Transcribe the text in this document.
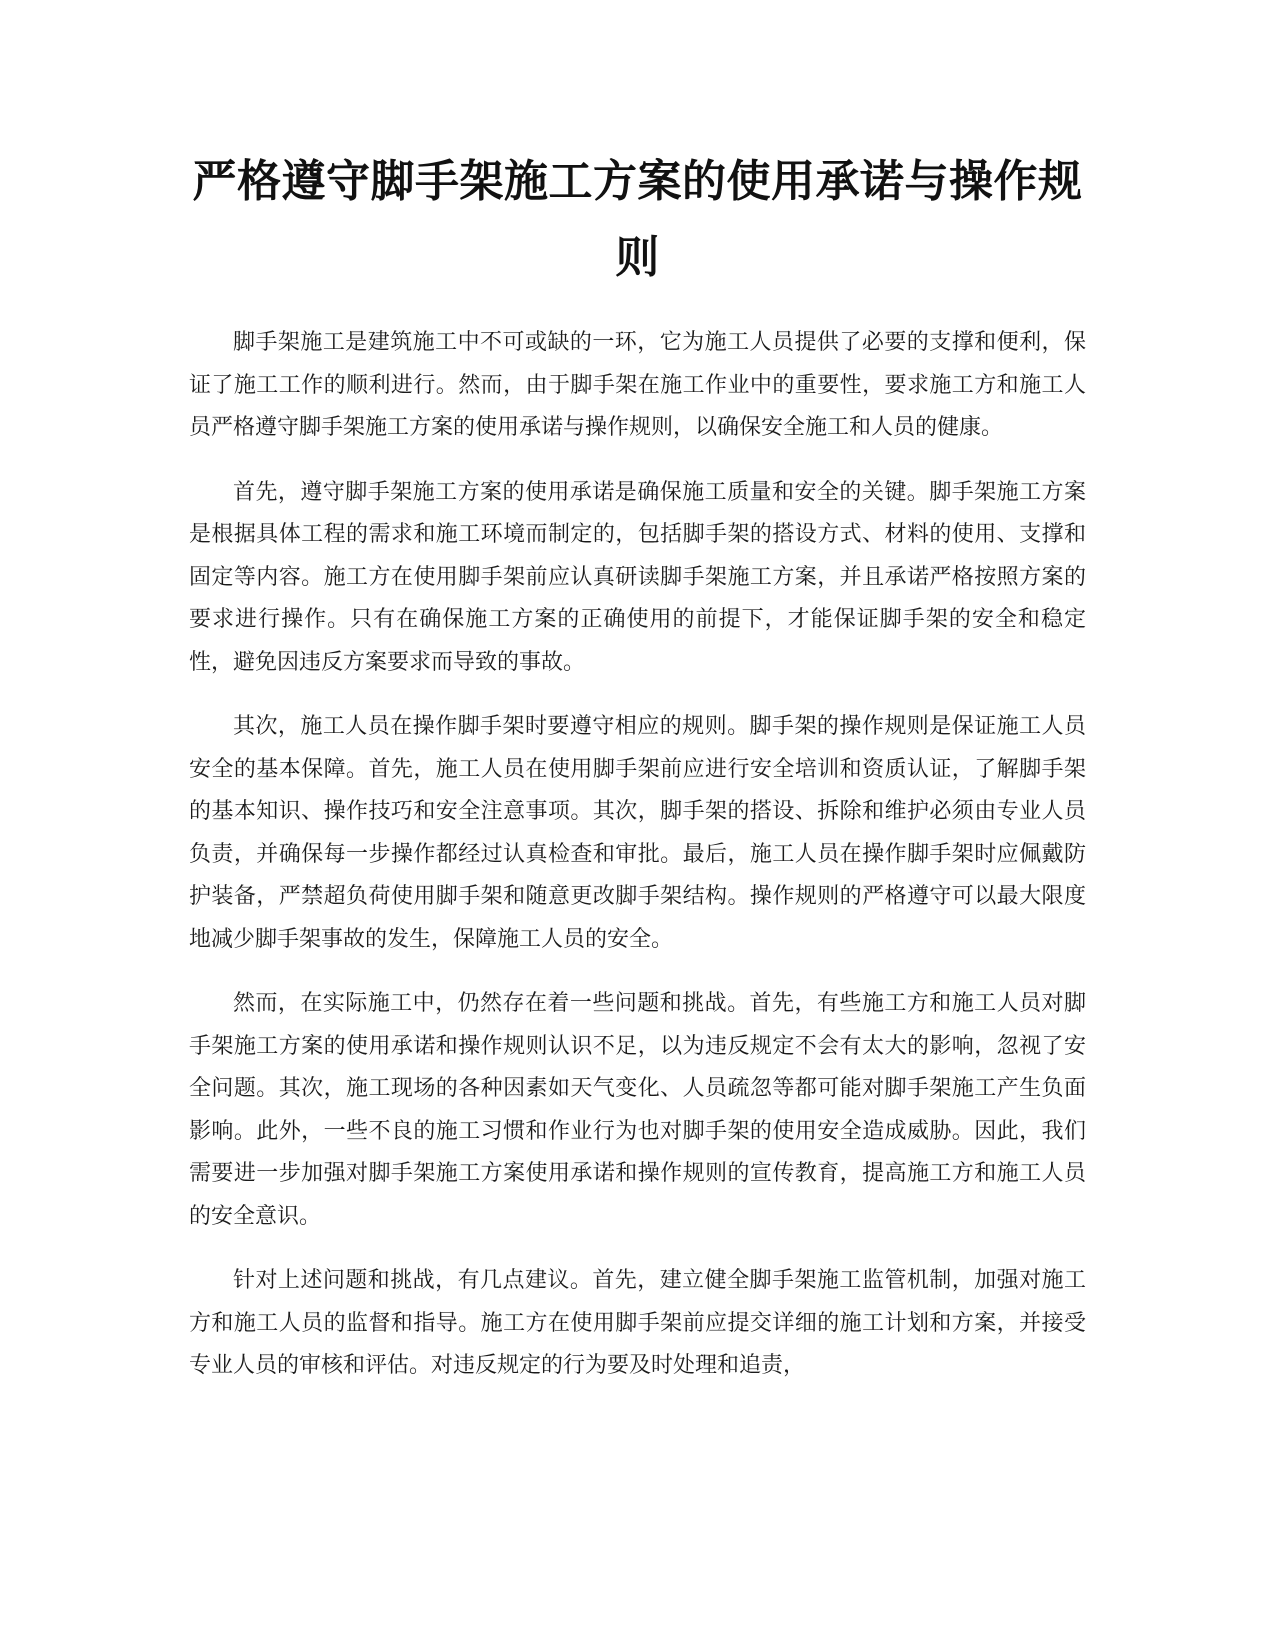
严格遵守脚手架施工方案的使用承诺与操作规则

脚手架施工是建筑施工中不可或缺的一环，它为施工人员提供了必要的支撑和便利，保证了施工工作的顺利进行。然而，由于脚手架在施工作业中的重要性，要求施工方和施工人员严格遵守脚手架施工方案的使用承诺与操作规则，以确保安全施工和人员的健康。

首先，遵守脚手架施工方案的使用承诺是确保施工质量和安全的关键。脚手架施工方案是根据具体工程的需求和施工环境而制定的，包括脚手架的搭设方式、材料的使用、支撑和固定等内容。施工方在使用脚手架前应认真研读脚手架施工方案，并且承诺严格按照方案的要求进行操作。只有在确保施工方案的正确使用的前提下，才能保证脚手架的安全和稳定性，避免因违反方案要求而导致的事故。

其次，施工人员在操作脚手架时要遵守相应的规则。脚手架的操作规则是保证施工人员安全的基本保障。首先，施工人员在使用脚手架前应进行安全培训和资质认证，了解脚手架的基本知识、操作技巧和安全注意事项。其次，脚手架的搭设、拆除和维护必须由专业人员负责，并确保每一步操作都经过认真检查和审批。最后，施工人员在操作脚手架时应佩戴防护装备，严禁超负荷使用脚手架和随意更改脚手架结构。操作规则的严格遵守可以最大限度地减少脚手架事故的发生，保障施工人员的安全。

然而，在实际施工中，仍然存在着一些问题和挑战。首先，有些施工方和施工人员对脚手架施工方案的使用承诺和操作规则认识不足，以为违反规定不会有太大的影响，忽视了安全问题。其次，施工现场的各种因素如天气变化、人员疏忽等都可能对脚手架施工产生负面影响。此外，一些不良的施工习惯和作业行为也对脚手架的使用安全造成威胁。因此，我们需要进一步加强对脚手架施工方案使用承诺和操作规则的宣传教育，提高施工方和施工人员的安全意识。

针对上述问题和挑战，有几点建议。首先，建立健全脚手架施工监管机制，加强对施工方和施工人员的监督和指导。施工方在使用脚手架前应提交详细的施工计划和方案，并接受专业人员的审核和评估。对违反规定的行为要及时处理和追责，
